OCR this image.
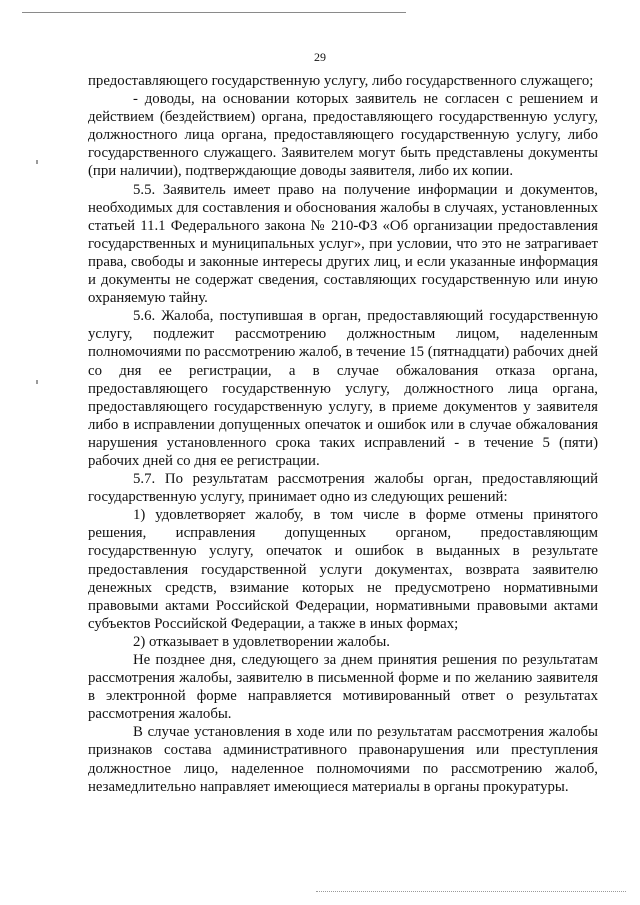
29

предоставляющего государственную услугу, либо государственного служащего;

- доводы, на основании которых заявитель не согласен с решением и действием (бездействием) органа, предоставляющего государственную услугу, должностного лица органа, предоставляющего государственную услугу, либо государственного служащего. Заявителем могут быть представлены документы (при наличии), подтверждающие доводы заявителя, либо их копии.

5.5. Заявитель имеет право на получение информации и документов, необходимых для составления и обоснования жалобы в случаях, установленных статьей 11.1 Федерального закона № 210-ФЗ «Об организации предоставления государственных и муниципальных услуг», при условии, что это не затрагивает права, свободы и законные интересы других лиц, и если указанные информация и документы не содержат сведения, составляющих государственную или иную охраняемую тайну.

5.6. Жалоба, поступившая в орган, предоставляющий государственную услугу, подлежит рассмотрению должностным лицом, наделенным полномочиями по рассмотрению жалоб, в течение 15 (пятнадцати) рабочих дней со дня ее регистрации, а в случае обжалования отказа органа, предоставляющего государственную услугу, должностного лица органа, предоставляющего государственную услугу, в приеме документов у заявителя либо в исправлении допущенных опечаток и ошибок или в случае обжалования нарушения установленного срока таких исправлений - в течение 5 (пяти) рабочих дней со дня ее регистрации.

5.7. По результатам рассмотрения жалобы орган, предоставляющий государственную услугу, принимает одно из следующих решений:

1) удовлетворяет жалобу, в том числе в форме отмены принятого решения, исправления допущенных органом, предоставляющим государственную услугу, опечаток и ошибок в выданных в результате предоставления государственной услуги документах, возврата заявителю денежных средств, взимание которых не предусмотрено нормативными правовыми актами Российской Федерации, нормативными правовыми актами субъектов Российской Федерации, а также в иных формах;

2) отказывает в удовлетворении жалобы.

Не позднее дня, следующего за днем принятия решения по результатам рассмотрения жалобы, заявителю в письменной форме и по желанию заявителя в электронной форме направляется мотивированный ответ о результатах рассмотрения жалобы.

В случае установления в ходе или по результатам рассмотрения жалобы признаков состава административного правонарушения или преступления должностное лицо, наделенное полномочиями по рассмотрению жалоб, незамедлительно направляет имеющиеся материалы в органы прокуратуры.
